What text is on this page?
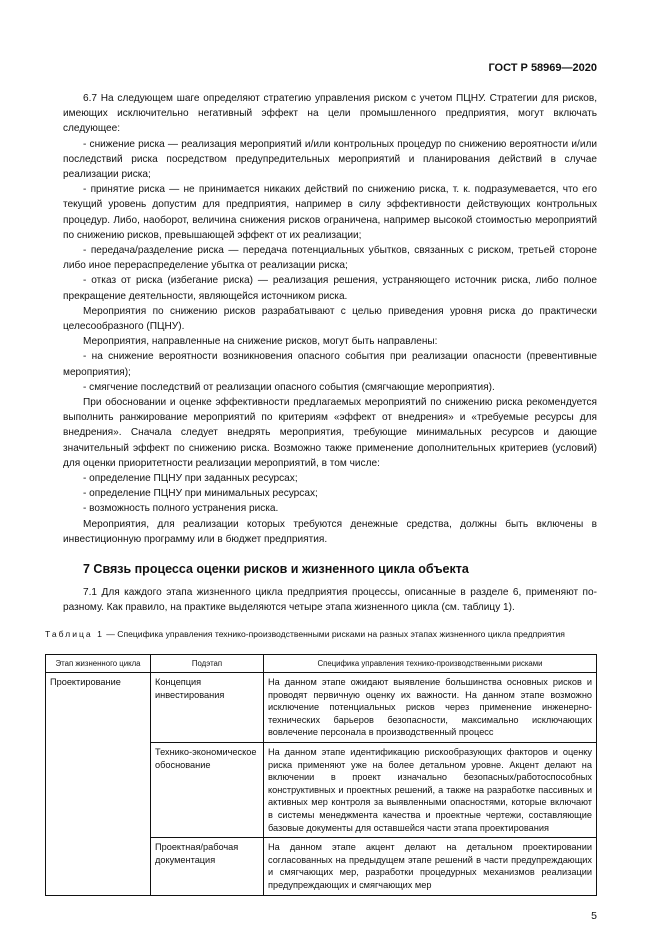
ГОСТ Р 58969—2020

6.7 На следующем шаге определяют стратегию управления риском с учетом ПЦНУ. Стратегии для рисков, имеющих исключительно негативный эффект на цели промышленного предприятия, могут включать следующее:

- снижение риска — реализация мероприятий и/или контрольных процедур по снижению вероятности и/или последствий риска посредством предупредительных мероприятий и планирования действий в случае реализации риска;

- принятие риска — не принимается никаких действий по снижению риска, т. к. подразумевается, что его текущий уровень допустим для предприятия, например в силу эффективности действующих контрольных процедур. Либо, наоборот, величина снижения рисков ограничена, например высокой стоимостью мероприятий по снижению рисков, превышающей эффект от их реализации;

- передача/разделение риска — передача потенциальных убытков, связанных с риском, третьей стороне либо иное перераспределение убытка от реализации риска;

- отказ от риска (избегание риска) — реализация решения, устраняющего источник риска, либо полное прекращение деятельности, являющейся источником риска.

Мероприятия по снижению рисков разрабатывают с целью приведения уровня риска до практически целесообразного (ПЦНУ).

Мероприятия, направленные на снижение рисков, могут быть направлены:

- на снижение вероятности возникновения опасного события при реализации опасности (превентивные мероприятия);

- смягчение последствий от реализации опасного события (смягчающие мероприятия).

При обосновании и оценке эффективности предлагаемых мероприятий по снижению риска рекомендуется выполнить ранжирование мероприятий по критериям «эффект от внедрения» и «требуемые ресурсы для внедрения». Сначала следует внедрять мероприятия, требующие минимальных ресурсов и дающие значительный эффект по снижению риска. Возможно также применение дополнительных критериев (условий) для оценки приоритетности реализации мероприятий, в том числе:

- определение ПЦНУ при заданных ресурсах;

- определение ПЦНУ при минимальных ресурсах;

- возможность полного устранения риска.

Мероприятия, для реализации которых требуются денежные средства, должны быть включены в инвестиционную программу или в бюджет предприятия.

7 Связь процесса оценки рисков и жизненного цикла объекта

7.1 Для каждого этапа жизненного цикла предприятия процессы, описанные в разделе 6, применяют по-разному. Как правило, на практике выделяются четыре этапа жизненного цикла (см. таблицу 1).

Таблица 1 — Специфика управления технико-производственными рисками на разных этапах жизненного цикла предприятия
Этап жизненного цикла	Подэтап	Специфика управления технико-производственными рисками
Проектирование	Концепция инвестирования	На данном этапе ожидают выявление большинства основных рисков и проводят первичную оценку их важности. На данном этапе возможно исключение потенциальных рисков через применение инженерно-технических барьеров безопасности, максимально исключающих вовлечение персонала в производственный процесс
	Технико-экономическое обоснование	На данном этапе идентификацию рискообразующих факторов и оценку риска применяют уже на более детальном уровне. Акцент делают на включении в проект изначально безопасных/работоспособных конструктивных и проектных решений, а также на разработке пассивных и активных мер контроля за выявленными опасностями, которые включают в системы менеджмента качества и проектные чертежи, составляющие базовые документы для оставшейся части этапа проектирования
	Проектная/рабочая документация	На данном этапе акцент делают на детальном проектировании согласованных на предыдущем этапе решений в части предупреждающих и смягчающих мер, разработки процедурных механизмов реализации предупреждающих и смягчающих мер
5
